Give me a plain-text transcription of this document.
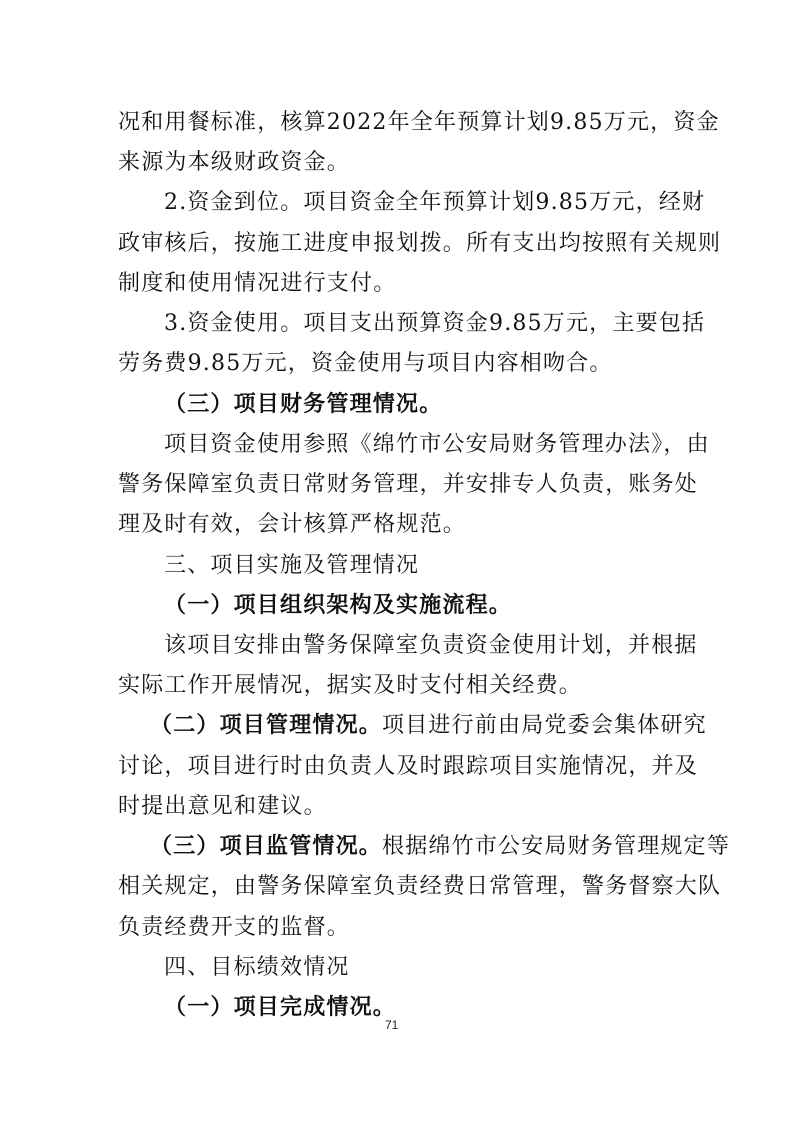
况和用餐标准，核算2022年全年预算计划9.85万元，资金
来源为本级财政资金。
2.资金到位。项目资金全年预算计划9.85万元，经财
政审核后，按施工进度申报划拨。所有支出均按照有关规则
制度和使用情况进行支付。
3.资金使用。项目支出预算资金9.85万元，主要包括
劳务费9.85万元，资金使用与项目内容相吻合。
（三）项目财务管理情况。
项目资金使用参照《绵竹市公安局财务管理办法》，由
警务保障室负责日常财务管理，并安排专人负责，账务处
理及时有效，会计核算严格规范。
三、项目实施及管理情况
（一）项目组织架构及实施流程。
该项目安排由警务保障室负责资金使用计划，并根据
实际工作开展情况，据实及时支付相关经费。
（二）项目管理情况。项目进行前由局党委会集体研究
讨论，项目进行时由负责人及时跟踪项目实施情况，并及
时提出意见和建议。
（三）项目监管情况。根据绵竹市公安局财务管理规定等
相关规定，由警务保障室负责经费日常管理，警务督察大队
负责经费开支的监督。
71
四、目标绩效情况
（一）项目完成情况。
